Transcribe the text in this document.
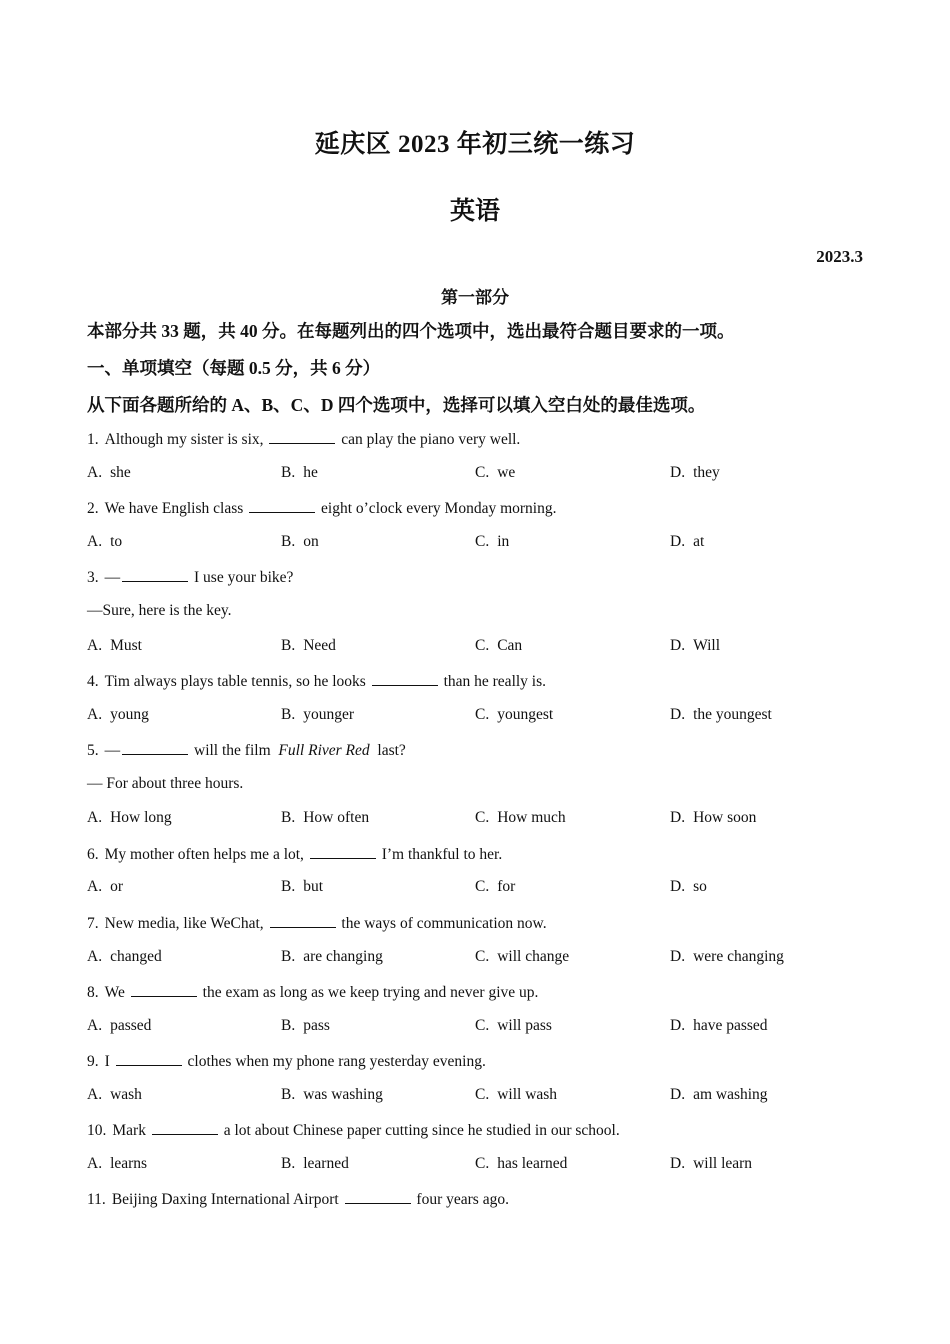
延庆区 2023 年初三统一练习
英语
2023.3
第一部分
本部分共 33 题，共 40 分。在每题列出的四个选项中，选出最符合题目要求的一项。
一、单项填空（每题 0.5 分，共 6 分）
从下面各题所给的 A、B、C、D 四个选项中，选择可以填入空白处的最佳选项。
1. Although my sister is six,	can play the piano very well.
A. she	B. he	C. we	D. they
2. We have English class	eight o’clock every Monday morning.
A. to	B. on	C. in	D. at
3. —	I use your bike?
—Sure, here is the key.
A. Must	B. Need	C. Can	D. Will
4. Tim always plays table tennis, so he looks	than he really is.
A. young	B. younger	C. youngest	D. the youngest
5. —	will the film Full River Red last?
— For about three hours.
A. How long	B. How often	C. How much	D. How soon
6. My mother often helps me a lot,	I’m thankful to her.
A. or	B. but	C. for	D. so
7. New media, like WeChat,	the ways of communication now.
A. changed	B. are changing	C. will change	D. were changing
8. We	the exam as long as we keep trying and never give up.
A. passed	B. pass	C. will pass	D. have passed
9. I	clothes when my phone rang yesterday evening.
A. wash	B. was washing	C. will wash	D. am washing
10. Mark	a lot about Chinese paper cutting since he studied in our school.
A. learns	B. learned	C. has learned	D. will learn
11. Beijing Daxing International Airport	four years ago.
